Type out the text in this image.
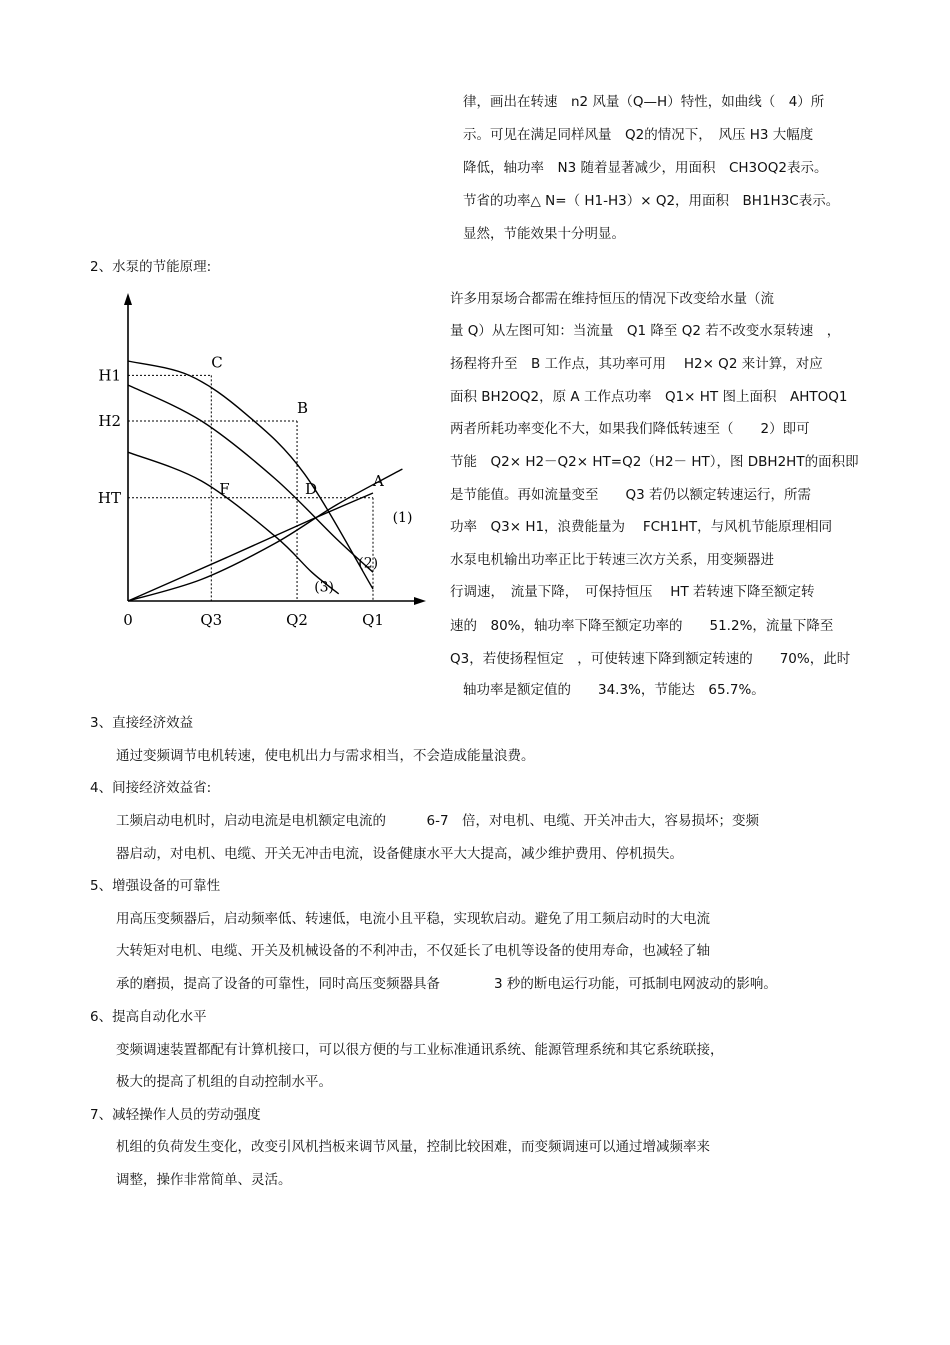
律，画出在转速　n2 风量（Q—H）特性，如曲线（　4）所
示。可见在满足同样风量　Q2的情况下，　风压 H3 大幅度
降低，轴功率　N3 随着显著减少，用面积　CH3OQ2表示。
节省的功率△ N=（ H1-H3）× Q2，用面积　BH1H3C表示。
显然，节能效果十分明显。
2、水泵的节能原理:
C
B
A
F	D
(1)
(2)
(3)
0	Q3	Q2	Q1
H1
H2
HT
许多用泵场合都需在维持恒压的情况下改变给水量（流
量 Q）从左图可知：当流量　Q1 降至 Q2 若不改变水泵转速　，
扬程将升至　B 工作点，其功率可用　 H2× Q2 来计算，对应
面积 BH2OQ2，原 A 工作点功率　Q1× HT 图上面积　AHTOQ1
两者所耗功率变化不大，如果我们降低转速至（　　2）即可
节能　Q2× H2－Q2× HT=Q2（H2－ HT），图 DBH2HT的面积即
是节能值。再如流量变至　　Q3 若仍以额定转速运行，所需
功率　Q3× H1，浪费能量为　 FCH1HT，与风机节能原理相同
水泵电机输出功率正比于转速三次方关系，用变频器进
行调速，　流量下降，　可保持恒压　 HT 若转速下降至额定转
速的　80%，轴功率下降至额定功率的　　51.2%，流量下降至
Q3，若使扬程恒定　，可使转速下降到额定转速的　　70%，此时
轴功率是额定值的　　34.3%，节能达　65.7%。
3、直接经济效益
通过变频调节电机转速，使电机出力与需求相当，不会造成能量浪费。
4、间接经济效益省:
工频启动电机时，启动电流是电机额定电流的　　　6-7　倍，对电机、电缆、开关冲击大，容易损坏；变频
器启动，对电机、电缆、开关无冲击电流，设备健康水平大大提高，减少维护费用、停机损失。
5、增强设备的可靠性
用高压变频器后，启动频率低、转速低，电流小且平稳，实现软启动。避免了用工频启动时的大电流
大转矩对电机、电缆、开关及机械设备的不利冲击，不仅延长了电机等设备的使用寿命，也减轻了轴
承的磨损，提高了设备的可靠性，同时高压变频器具备　　　　3 秒的断电运行功能，可抵制电网波动的影响。
6、提高自动化水平
变频调速装置都配有计算机接口，可以很方便的与工业标准通讯系统、能源管理系统和其它系统联接，
极大的提高了机组的自动控制水平。
7、减轻操作人员的劳动强度
机组的负荷发生变化，改变引风机挡板来调节风量，控制比较困难，而变频调速可以通过增减频率来
调整，操作非常简单、灵活。
